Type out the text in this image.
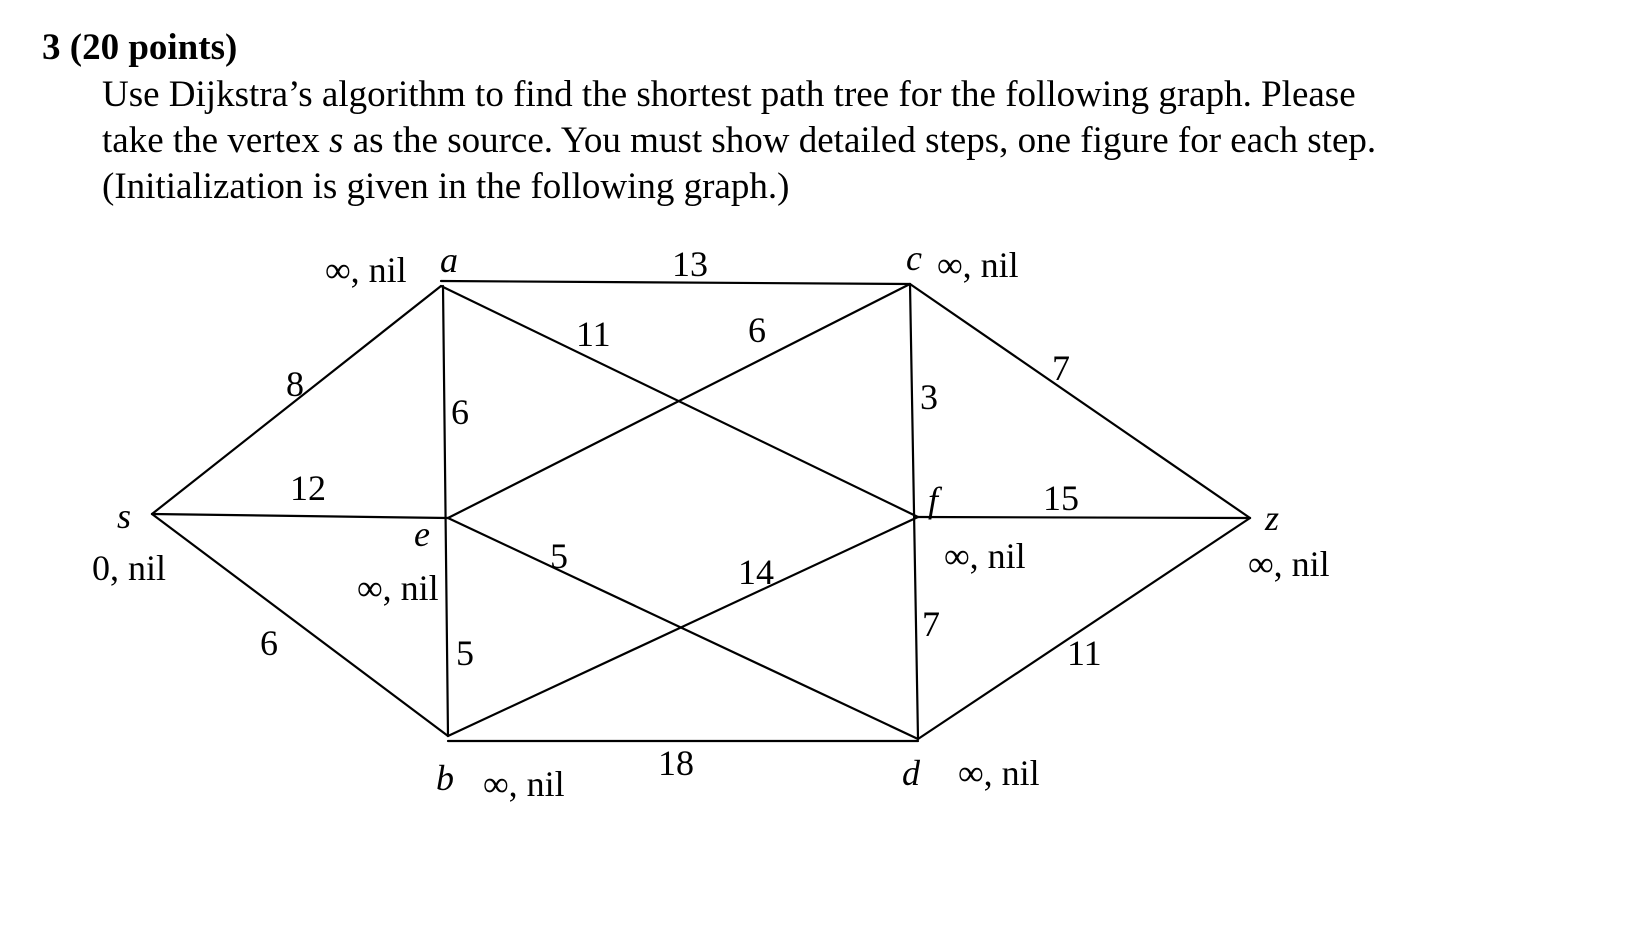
3 (20 points)
Use Dijkstra’s algorithm to find the shortest path tree for the following graph. Please
take the vertex s as the source. You must show detailed steps, one figure for each step.
(Initialization is given in the following graph.)
s
a	c
e
f	z
b	d
0, nil
∞, nil	∞, nil
∞, nil
∞, nil	∞, nil
∞, nil	∞, nil
8
12
6
13
6
11	6
3
7
5
5	14
15
7
11
18
